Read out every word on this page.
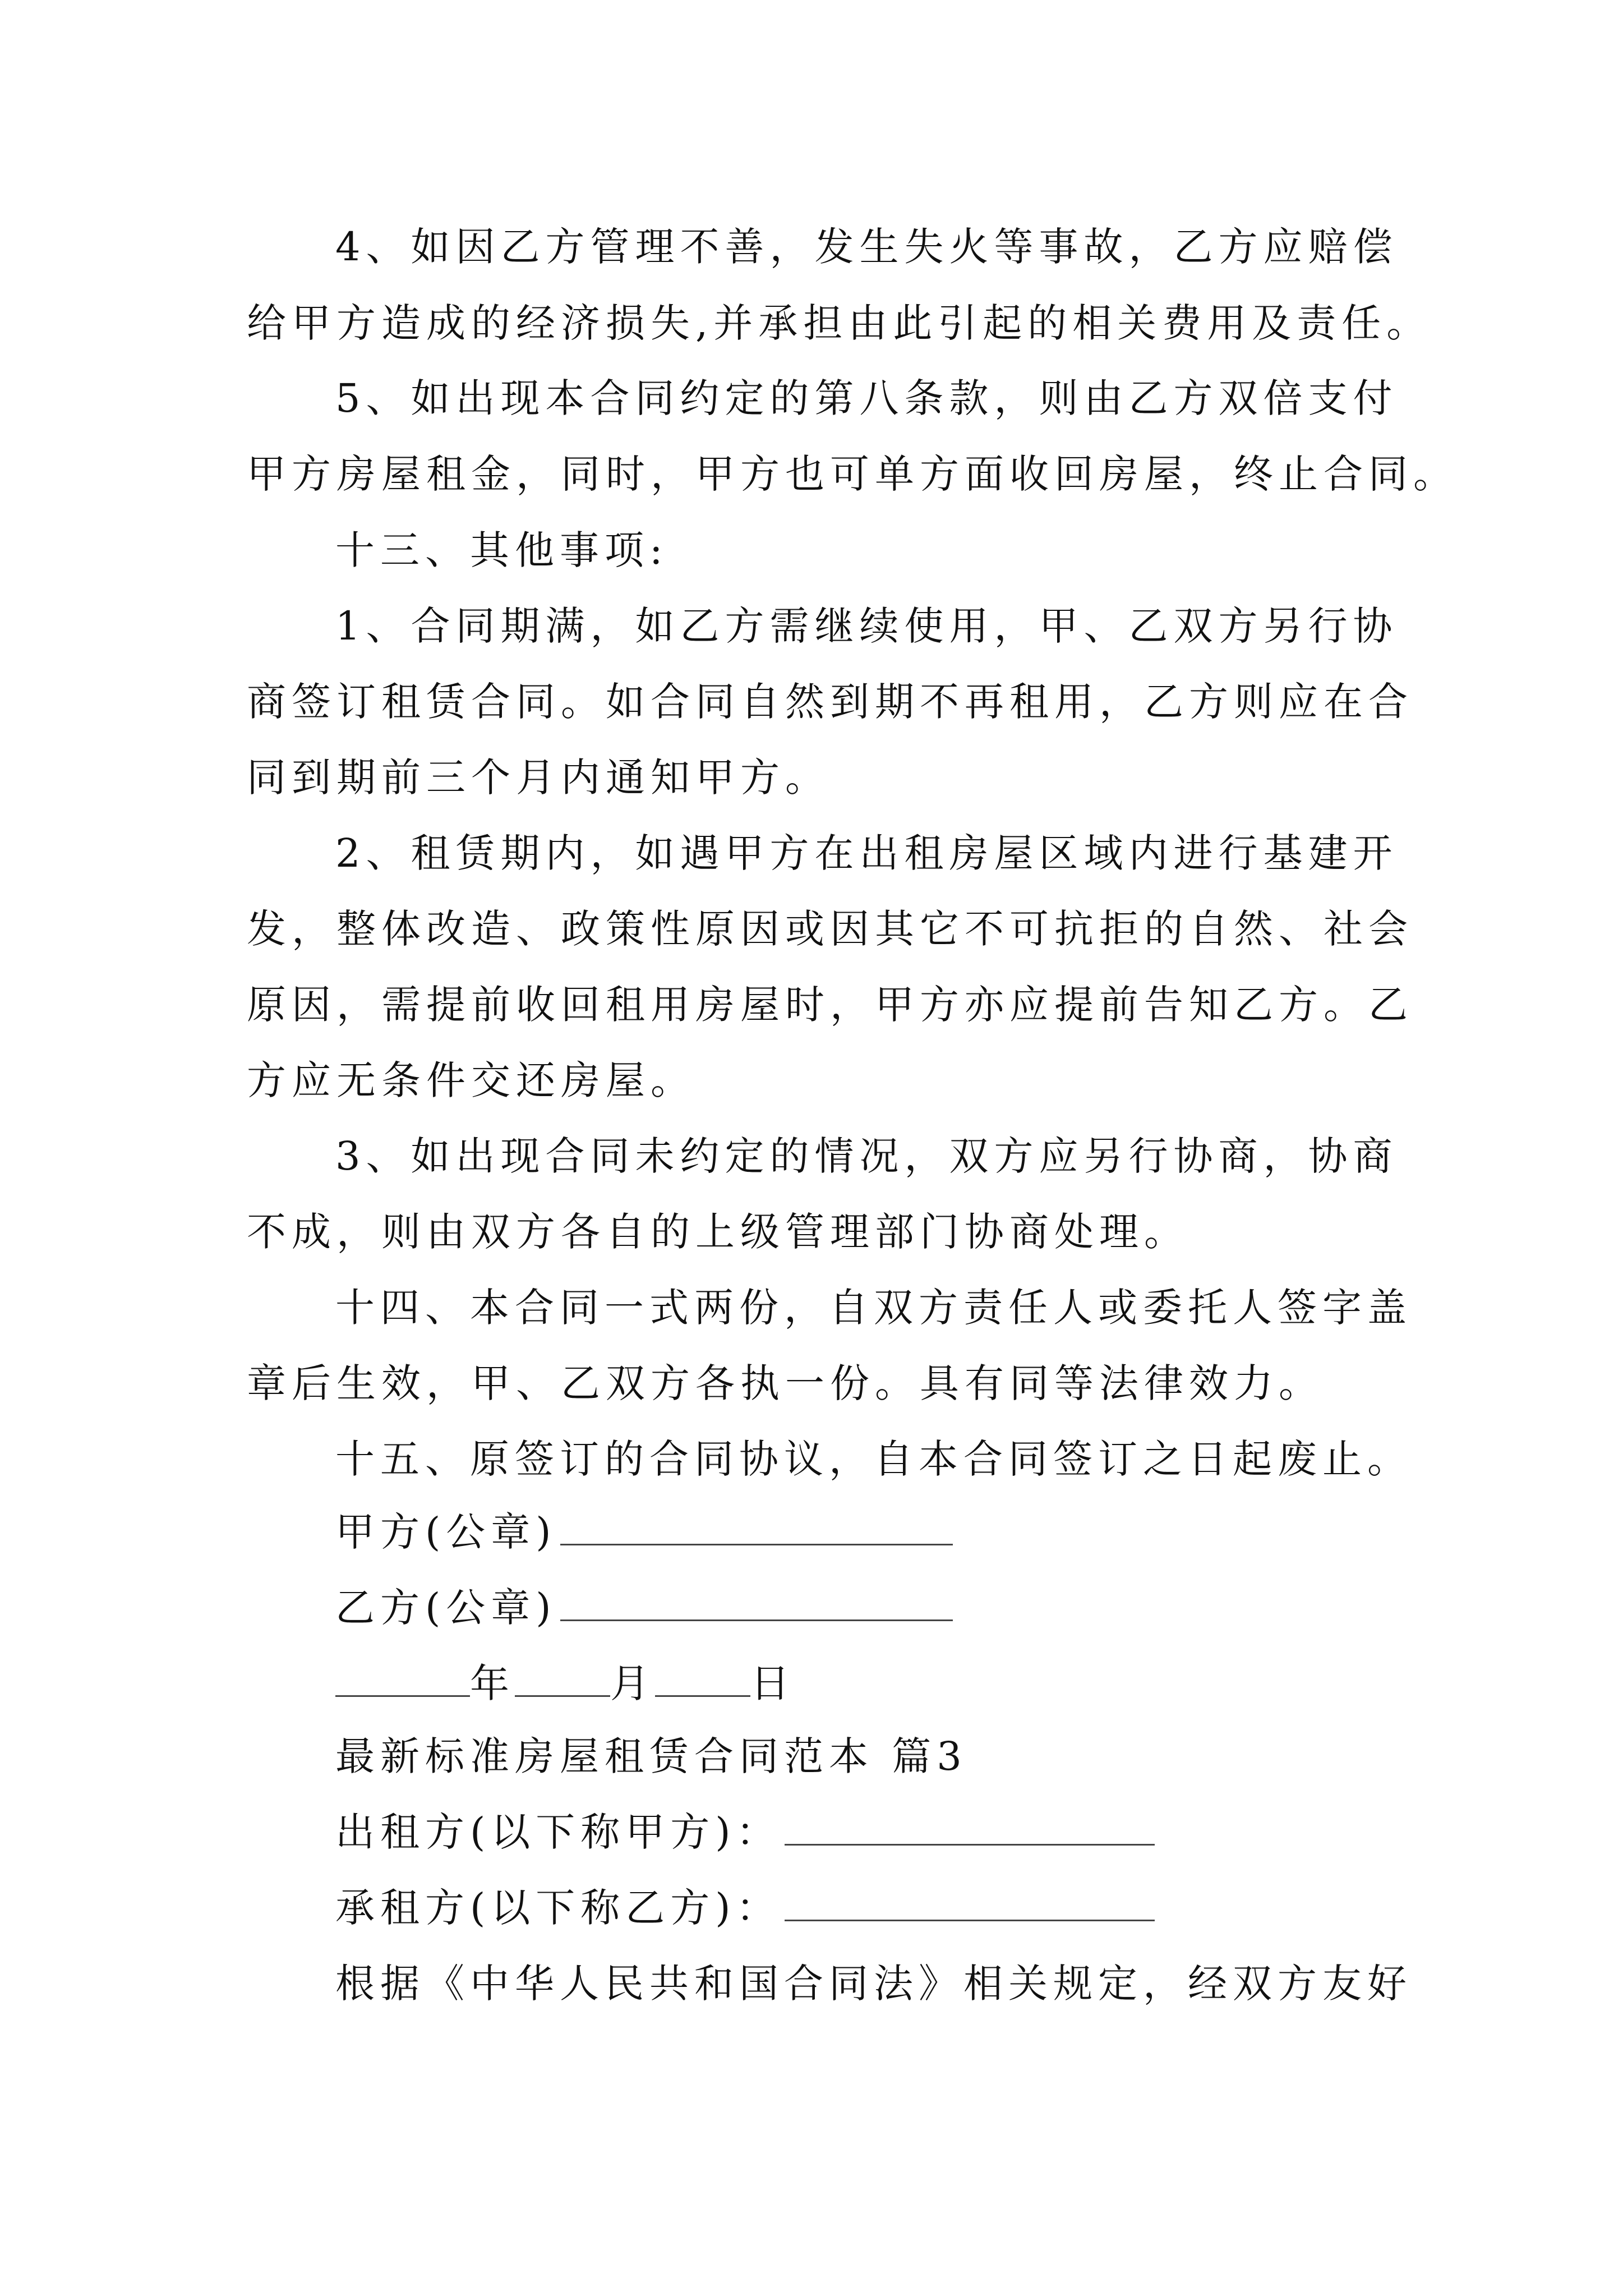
4、如因乙方管理不善，发生失火等事故，乙方应赔偿
给甲方造成的经济损失,并承担由此引起的相关费用及责任。
5、如出现本合同约定的第八条款，则由乙方双倍支付
甲方房屋租金，同时，甲方也可单方面收回房屋，终止合同。
十三、其他事项:
1、合同期满，如乙方需继续使用，甲、乙双方另行协
商签订租赁合同。如合同自然到期不再租用，乙方则应在合
同到期前三个月内通知甲方。
2、租赁期内，如遇甲方在出租房屋区域内进行基建开
发，整体改造、政策性原因或因其它不可抗拒的自然、社会
原因，需提前收回租用房屋时，甲方亦应提前告知乙方。乙
方应无条件交还房屋。
3、如出现合同未约定的情况，双方应另行协商，协商
不成，则由双方各自的上级管理部门协商处理。
十四、本合同一式两份，自双方责任人或委托人签字盖
章后生效，甲、乙双方各执一份。具有同等法律效力。
十五、原签订的合同协议，自本合同签订之日起废止。
甲方(公章)
乙方(公章)
年 月 日
最新标准房屋租赁合同范本 篇3
出租方(以下称甲方)：
承租方(以下称乙方)：
根据《中华人民共和国合同法》相关规定，经双方友好
